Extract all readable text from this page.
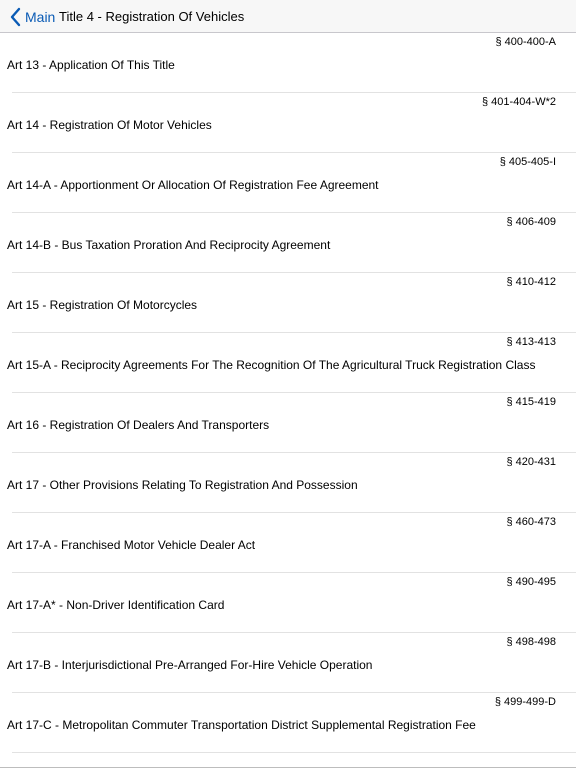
Main Title 4 - Registration Of Vehicles
§ 400-400-A
Art 13 - Application Of This Title
§ 401-404-W*2
Art 14 - Registration Of Motor Vehicles
§ 405-405-I
Art 14-A - Apportionment Or Allocation Of Registration Fee Agreement
§ 406-409
Art 14-B - Bus Taxation Proration And Reciprocity Agreement
§ 410-412
Art 15 - Registration Of Motorcycles
§ 413-413
Art 15-A - Reciprocity Agreements For The Recognition Of The Agricultural Truck Registration Class
§ 415-419
Art 16 - Registration Of Dealers And Transporters
§ 420-431
Art 17 - Other Provisions Relating To Registration And Possession
§ 460-473
Art 17-A - Franchised Motor Vehicle Dealer Act
§ 490-495
Art 17-A* - Non-Driver Identification Card
§ 498-498
Art 17-B - Interjurisdictional Pre-Arranged For-Hire Vehicle Operation
§ 499-499-D
Art 17-C - Metropolitan Commuter Transportation District Supplemental Registration Fee
